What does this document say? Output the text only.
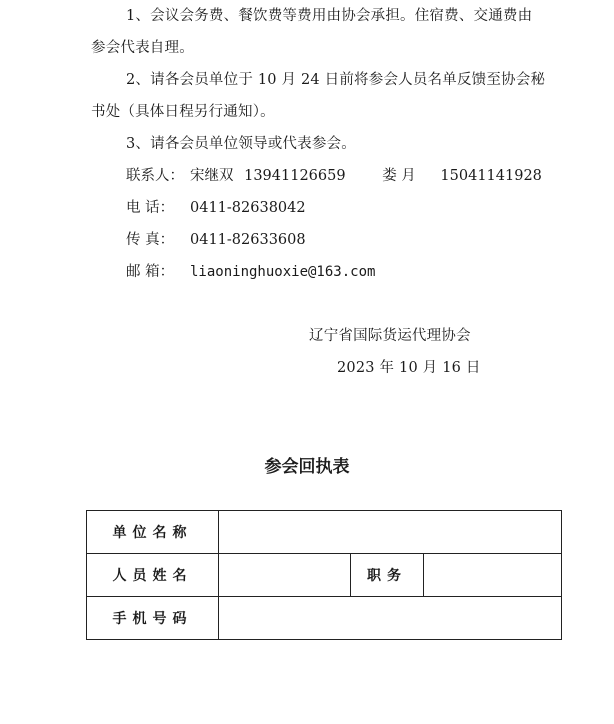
1、会议会务费、餐饮费等费用由协会承担。住宿费、交通费由
参会代表自理。
2、请各会员单位于 10 月 24 日前将参会人员名单反馈至协会秘
书处（具体日程另行通知）。
3、请各会员单位领导或代表参会。
联系人： 宋继双 13941126659	娄 月 15041141928
电 话： 0411-82638042
传 真： 0411-82633608
邮 箱： liaoninghuoxie@163.com
辽宁省国际货运代理协会
2023 年 10 月 16 日
参会回执表
单位名称			
人员姓名		职务	
手机号码			
